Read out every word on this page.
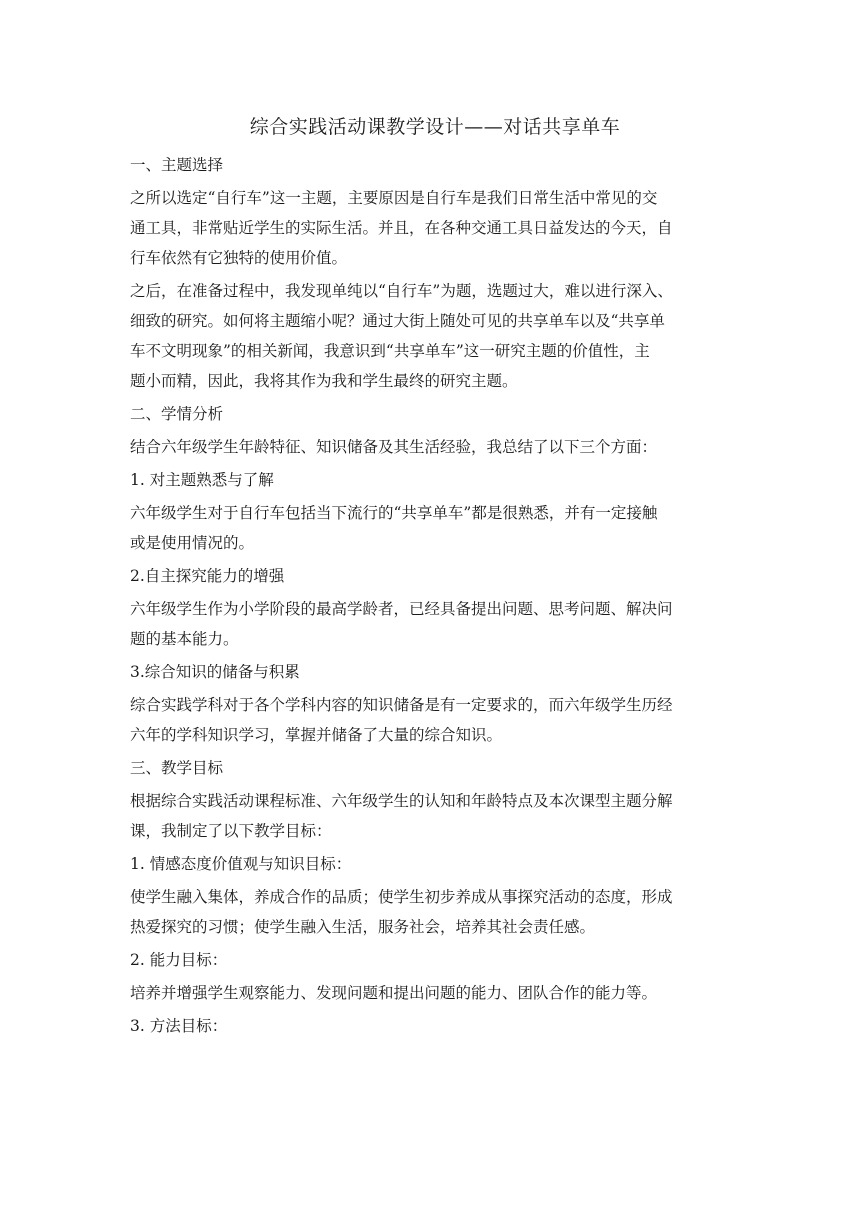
综合实践活动课教学设计——对话共享单车

一、主题选择

之所以选定“自行车”这一主题，主要原因是自行车是我们日常生活中常见的交

通工具，非常贴近学生的实际生活。并且，在各种交通工具日益发达的今天，自

行车依然有它独特的使用价值。

之后，在准备过程中，我发现单纯以“自行车”为题，选题过大，难以进行深入、

细致的研究。如何将主题缩小呢？通过大街上随处可见的共享单车以及“共享单

车不文明现象”的相关新闻，我意识到“共享单车”这一研究主题的价值性，主

题小而精，因此，我将其作为我和学生最终的研究主题。

二、学情分析

结合六年级学生年龄特征、知识储备及其生活经验，我总结了以下三个方面：

1. 对主题熟悉与了解

六年级学生对于自行车包括当下流行的“共享单车”都是很熟悉，并有一定接触

或是使用情况的。

2.自主探究能力的增强

六年级学生作为小学阶段的最高学龄者，已经具备提出问题、思考问题、解决问

题的基本能力。

3.综合知识的储备与积累

综合实践学科对于各个学科内容的知识储备是有一定要求的，而六年级学生历经

六年的学科知识学习，掌握并储备了大量的综合知识。

三、教学目标

根据综合实践活动课程标准、六年级学生的认知和年龄特点及本次课型主题分解

课，我制定了以下教学目标：

1. 情感态度价值观与知识目标：

使学生融入集体，养成合作的品质；使学生初步养成从事探究活动的态度，形成

热爱探究的习惯；使学生融入生活，服务社会，培养其社会责任感。

2. 能力目标：

培养并增强学生观察能力、发现问题和提出问题的能力、团队合作的能力等。

3. 方法目标：
